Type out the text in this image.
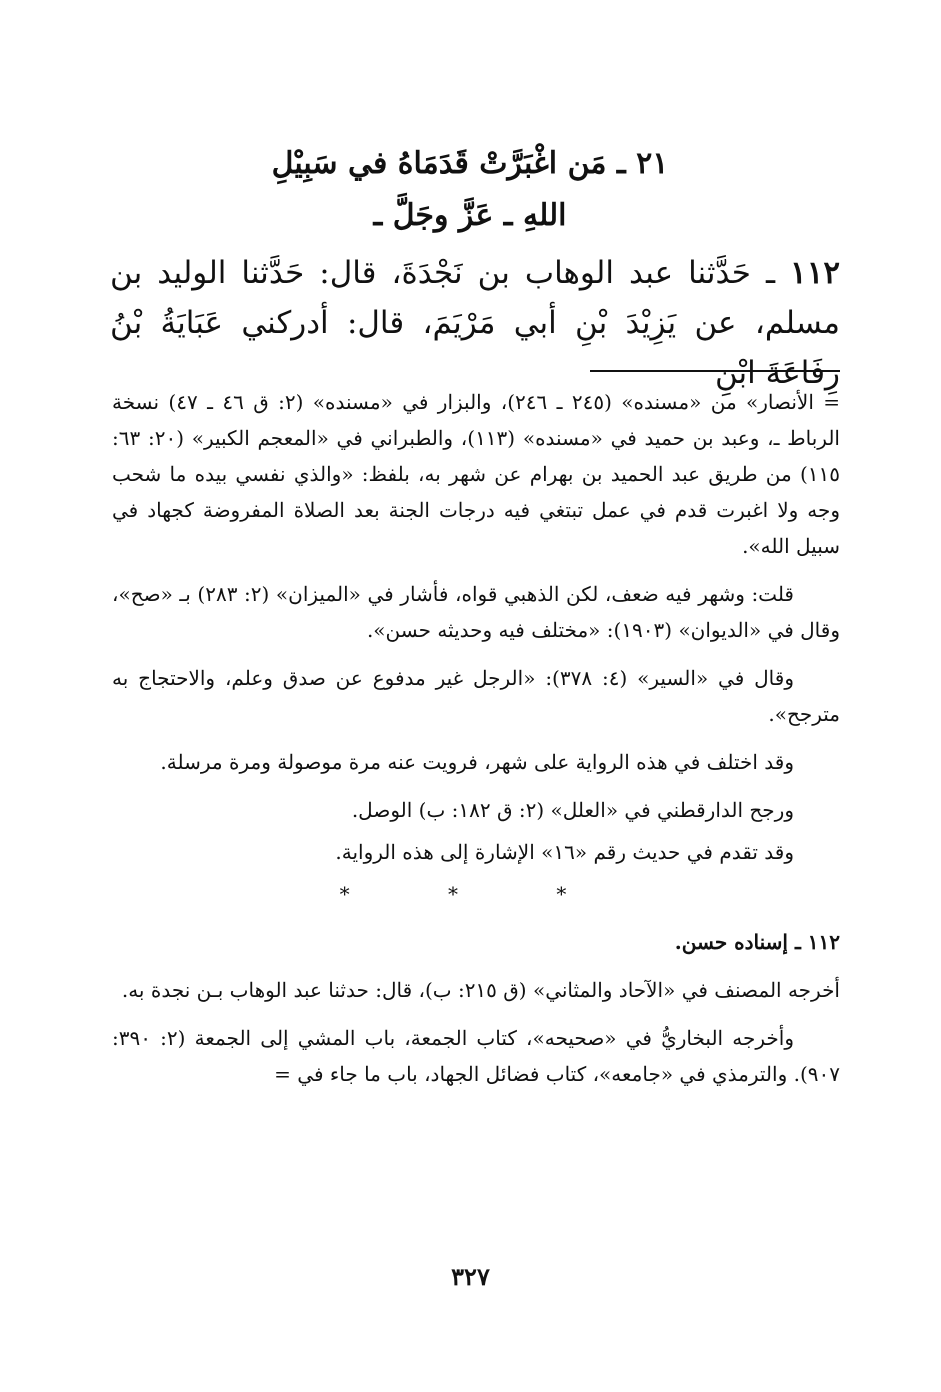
٢١ ـ مَن اغْبَرَّتْ قَدَمَاهُ في سَبِيْلِ
اللهِ ـ عَزَّ وجَلَّ ـ
١١٢ ـ حَدَّثنا عبد الوهاب بن نَجْدَةَ، قال: حَدَّثنا الوليد بن مسلم، عن يَزِيْدَ بْنِ أبي مَرْيَمَ، قال: أدركني عَبَايَةُ بْنُ رِفَاعَةَ ابْنِ

= الأنصار» من «مسنده» (٢٤٥ ـ ٢٤٦)، والبزار في «مسنده» (٢: ق ٤٦ ـ ٤٧) نسخة الرباط ـ، وعبد بن حميد في «مسنده» (١١٣)، والطبراني في «المعجم الكبير» (٢٠: ٦٣: ١١٥) من طريق عبد الحميد بن بهرام عن شهر به، بلفظ: «والذي نفسي بيده ما شحب وجه ولا اغبرت قدم في عمل تبتغي فيه درجات الجنة بعد الصلاة المفروضة كجهاد في سبيل الله».

قلت: وشهر فيه ضعف، لكن الذهبي قواه، فأشار في «الميزان» (٢: ٢٨٣) بـ «صح»، وقال في «الديوان» (١٩٠٣): «مختلف فيه وحديثه حسن».

وقال في «السير» (٤: ٣٧٨): «الرجل غير مدفوع عن صدق وعلم، والاحتجاج به مترجح».

وقد اختلف في هذه الرواية على شهر، فرويت عنه مرة موصولة ومرة مرسلة.

ورجح الدارقطني في «العلل» (٢: ق ١٨٢: ب) الوصل.

وقد تقدم في حديث رقم «١٦» الإشارة إلى هذه الرواية.

* * *

١١٢ ـ إسناده حسن.

أخرجه المصنف في «الآحاد والمثاني» (ق ٢١٥: ب)، قال: حدثنا عبد الوهاب بـن نجدة به.

وأخرجه البخاريُّ في «صحيحه»، كتاب الجمعة، باب المشي إلى الجمعة (٢: ٣٩٠: ٩٠٧). والترمذي في «جامعه»، كتاب فضائل الجهاد، باب ما جاء في =

٣٢٧
